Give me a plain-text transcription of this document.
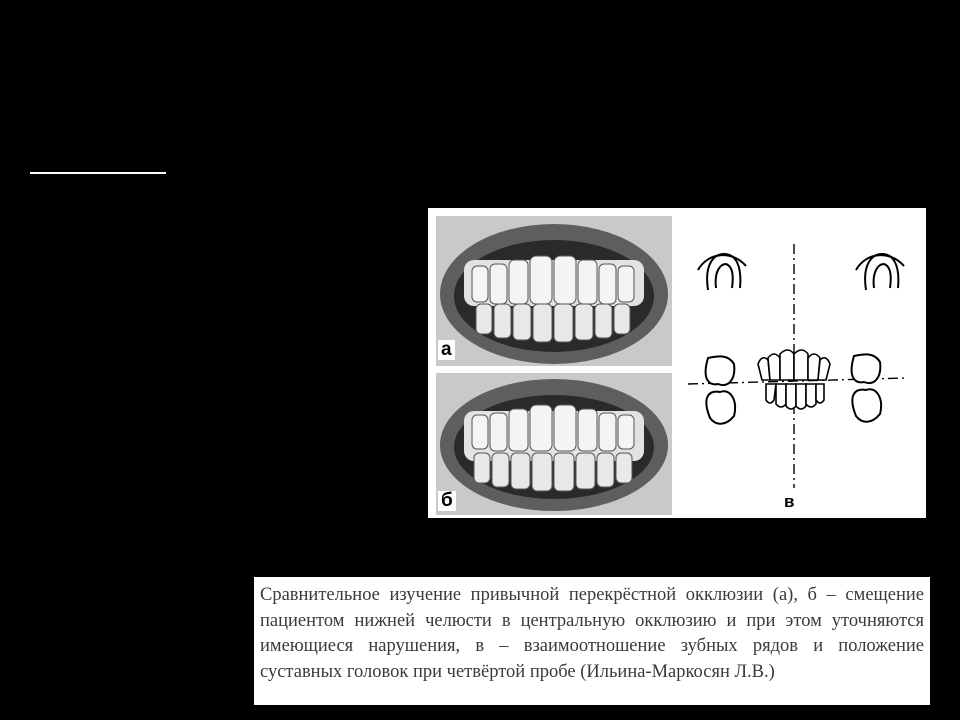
а
б	в

Сравнительное изучение привычной перекрёстной окклюзии (а), б – смещение пациентом нижней челюсти в центральную окклюзию и при этом уточняются имеющиеся нарушения, в – взаимоотношение зубных рядов и положение суставных головок при четвёртой пробе (Ильина-Маркосян Л.В.)
